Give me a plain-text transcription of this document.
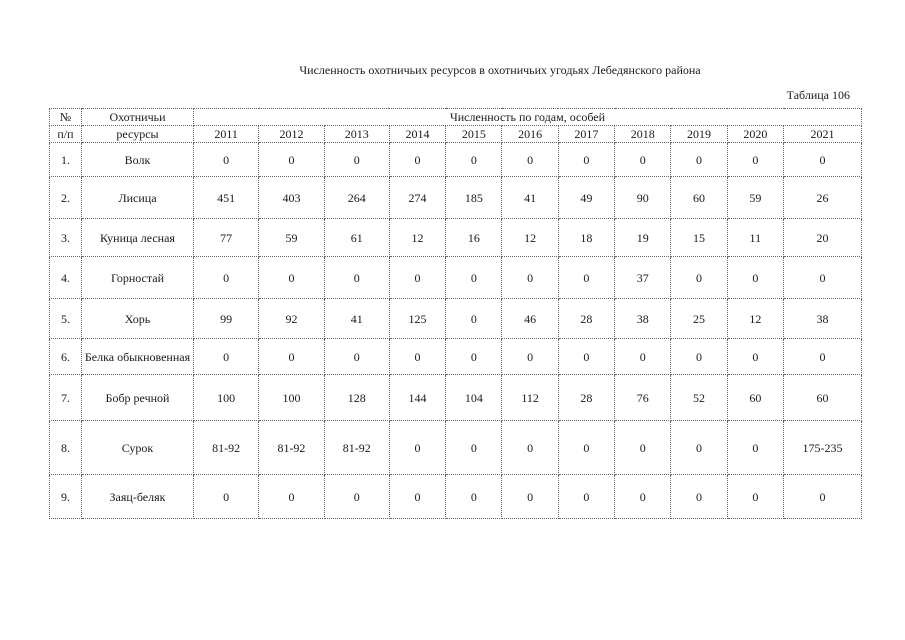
Численность охотничьих ресурсов в охотничьих угодьях Лебедянского района
Таблица 106
№	Охотничьи	Численность по годам, особей										
п/п	ресурсы	2011	2012	2013	2014	2015	2016	2017	2018	2019	2020	2021
1.	Волк	0	0	0	0	0	0	0	0	0	0	0
2.	Лисица	451	403	264	274	185	41	49	90	60	59	26
3.	Куница лесная	77	59	61	12	16	12	18	19	15	11	20
4.	Горностай	0	0	0	0	0	0	0	37	0	0	0
5.	Хорь	99	92	41	125	0	46	28	38	25	12	38
6.	Белка обыкновенная	0	0	0	0	0	0	0	0	0	0	0
7.	Бобр речной	100	100	128	144	104	112	28	76	52	60	60
8.	Сурок	81-92	81-92	81-92	0	0	0	0	0	0	0	175-235
9.	Заяц-беляк	0	0	0	0	0	0	0	0	0	0	0
